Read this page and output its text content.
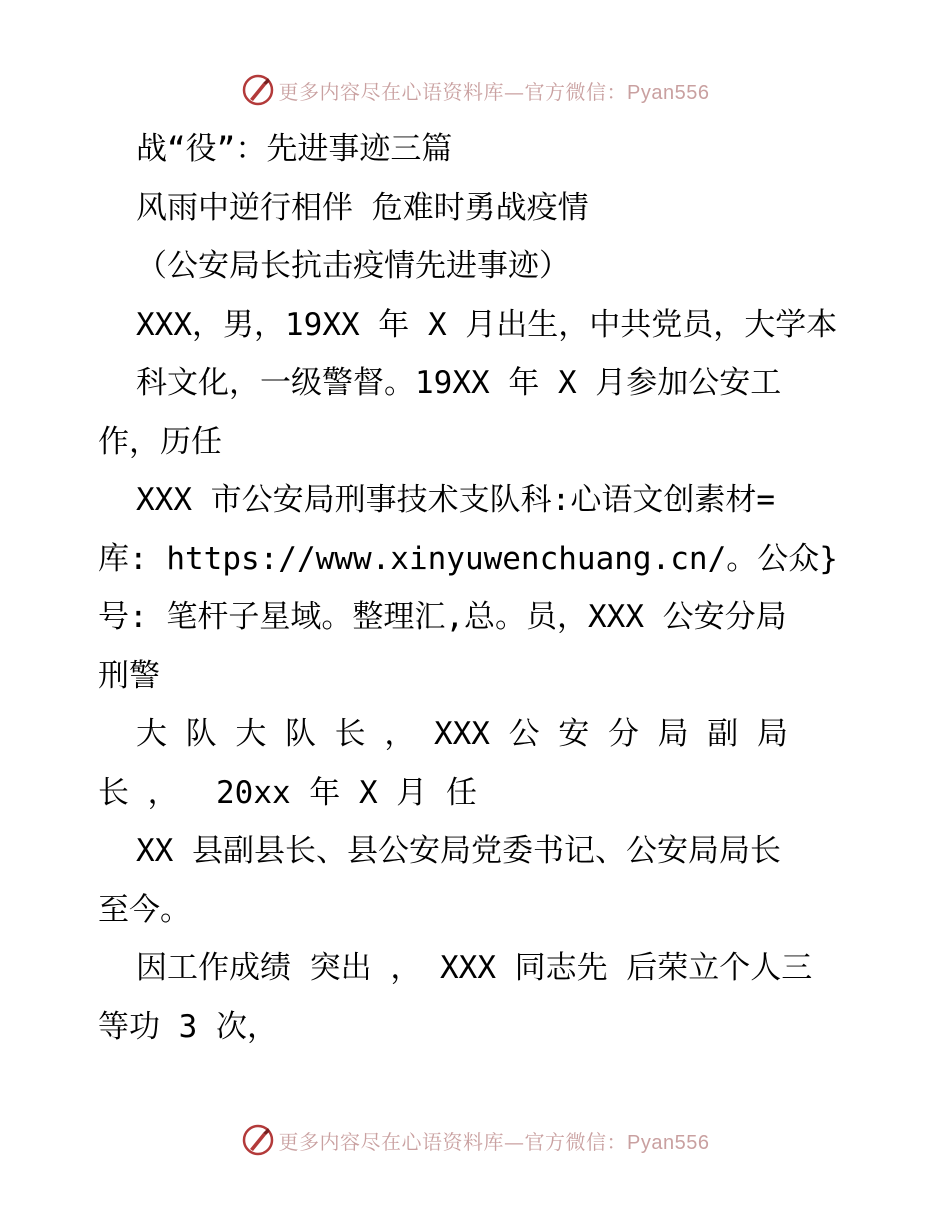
更多内容尽在心语资料库—官方微信：Pyan556
战“役”：先进事迹三篇
风雨中逆行相伴 危难时勇战疫情
（公安局长抗击疫情先进事迹）
XXX，男，19XX 年 X 月出生，中共党员，大学本
科文化，一级警督。19XX 年 X 月参加公安工
作，历任
XXX 市公安局刑事技术支队科:心语文创素材=
库: https://www.xinyuwenchuang.cn/。公众}
号: 笔杆子星域。整理汇,总。员，XXX 公安分局
刑警
大 队 大 队 长 ， XXX 公 安 分 局 副 局
长 ，  20xx 年 X 月 任
XX 县副县长、县公安局党委书记、公安局局长
至今。
因工作成绩 突出 ， XXX 同志先 后荣立个人三
等功 3 次，
更多内容尽在心语资料库—官方微信：Pyan556
